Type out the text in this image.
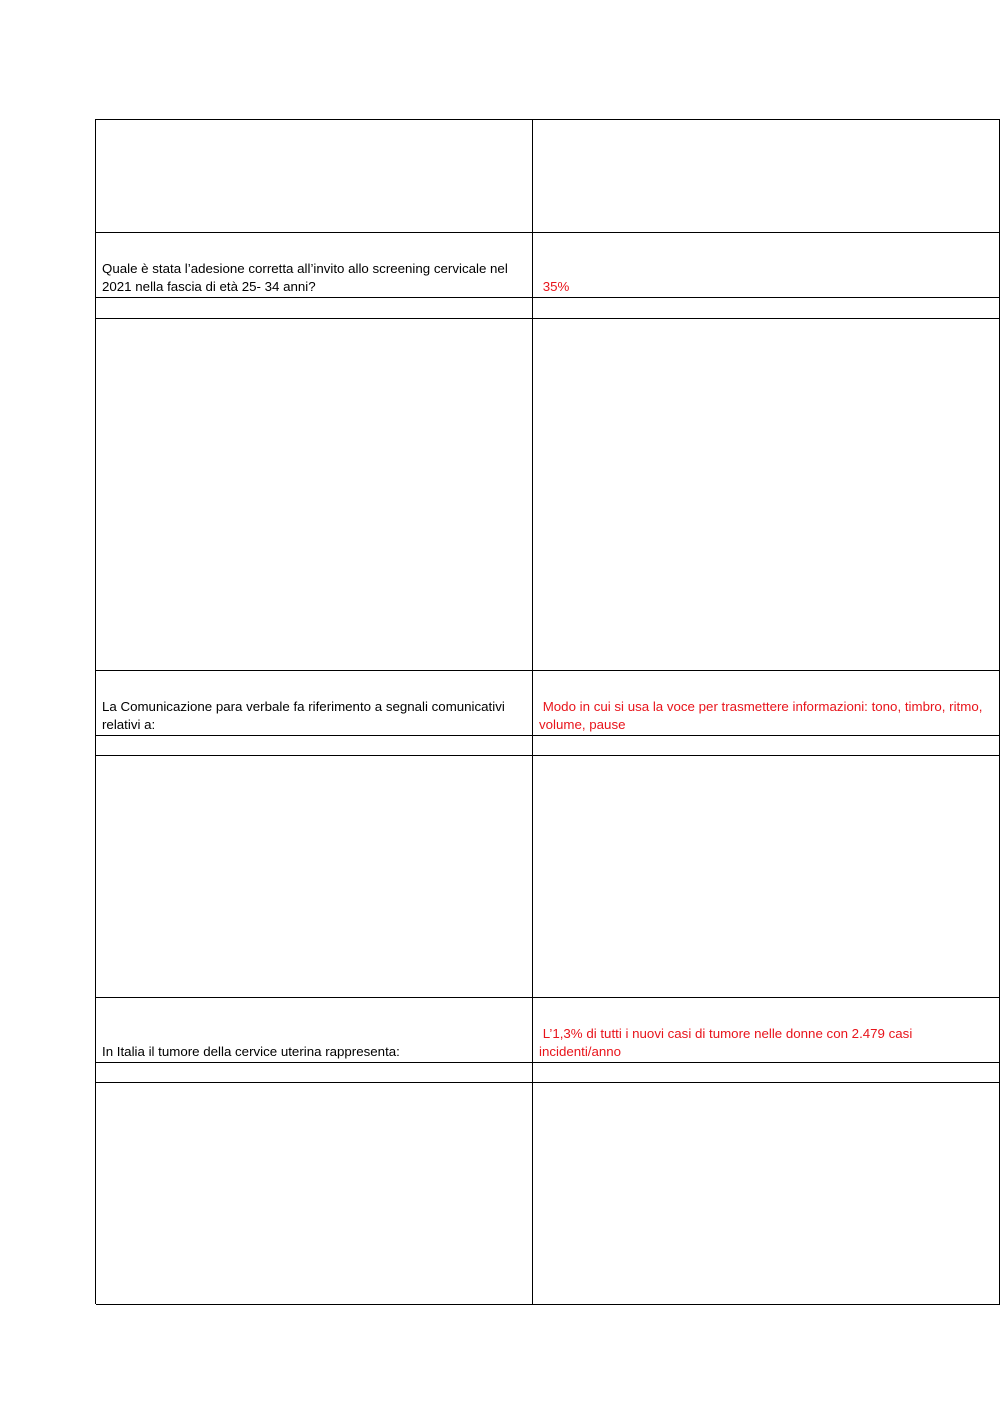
Quale è stata l’adesione corretta all’invito allo screening cervicale nel 2021 nella fascia di età 25- 34 anni?	35%
La Comunicazione para verbale fa riferimento a segnali comunicativi relativi a:
Modo in cui si usa la voce per trasmettere informazioni: tono, timbro, ritmo, volume, pause
In Italia il tumore della cervice uterina rappresenta:
L’1,3% di tutti i nuovi casi di tumore nelle donne con 2.479 casi incidenti/anno
